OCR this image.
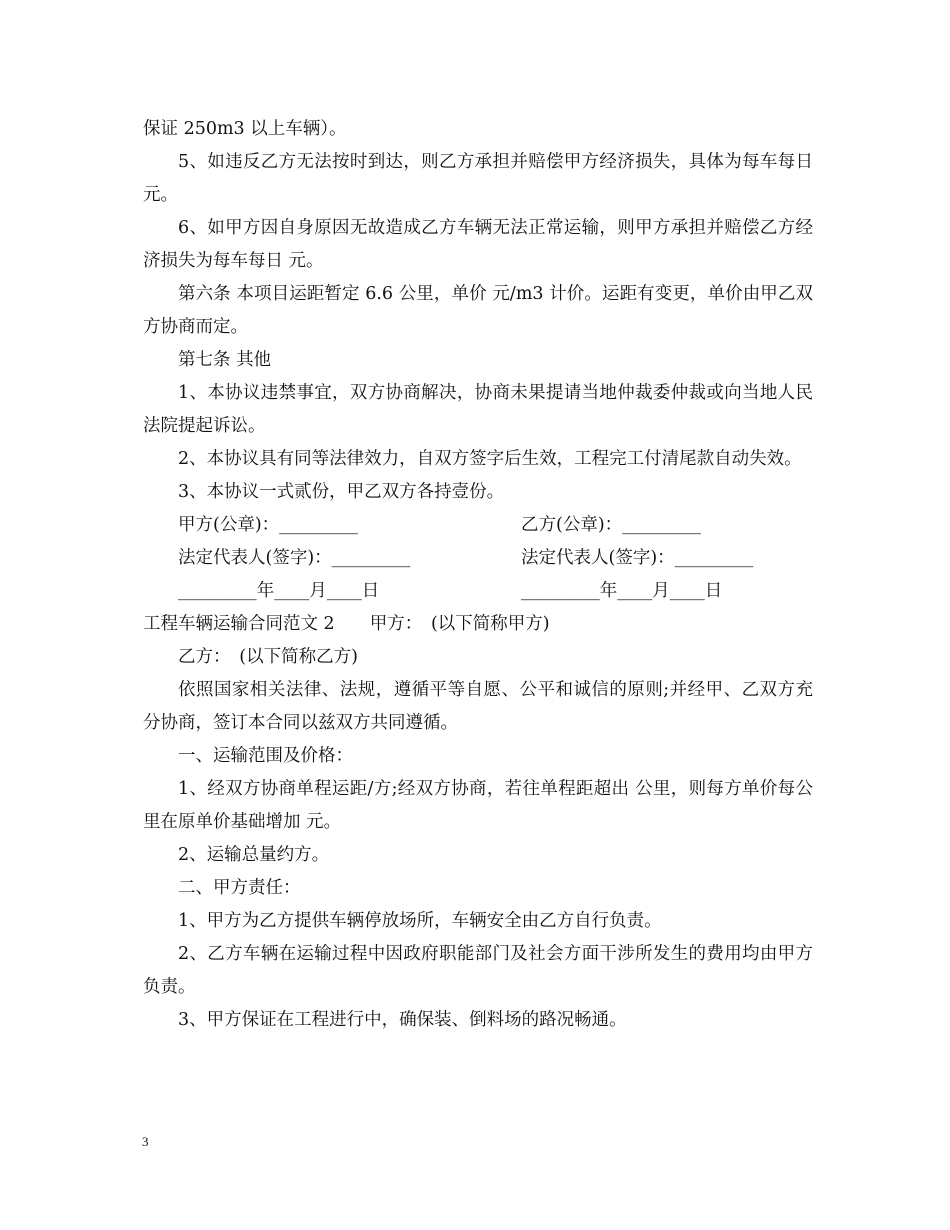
保证 250m3 以上车辆）。
5、如违反乙方无法按时到达，则乙方承担并赔偿甲方经济损失，具体为每车每日元。
6、如甲方因自身原因无故造成乙方车辆无法正常运输，则甲方承担并赔偿乙方经济损失为每车每日 元。
第六条 本项目运距暂定 6.6 公里，单价 元/m3 计价。运距有变更，单价由甲乙双方协商而定。
第七条 其他
1、本协议违禁事宜，双方协商解决，协商未果提请当地仲裁委仲裁或向当地人民法院提起诉讼。
2、本协议具有同等法律效力，自双方签字后生效，工程完工付清尾款自动失效。
3、本协议一式贰份，甲乙双方各持壹份。
甲方(公章)：_________	乙方(公章)：_________
法定代表人(签字)：_________	法定代表人(签字)：_________
_________年____月____日	_________年____月____日
工程车辆运输合同范文 2　　甲方：　(以下简称甲方)
乙方：　(以下简称乙方)
依照国家相关法律、法规，遵循平等自愿、公平和诚信的原则;并经甲、乙双方充分协商，签订本合同以兹双方共同遵循。
一、运输范围及价格：
1、经双方协商单程运距/方;经双方协商，若往单程距超出 公里，则每方单价每公里在原单价基础增加 元。
2、运输总量约方。
二、甲方责任：
1、甲方为乙方提供车辆停放场所，车辆安全由乙方自行负责。
2、乙方车辆在运输过程中因政府职能部门及社会方面干涉所发生的费用均由甲方负责。
3、甲方保证在工程进行中，确保装、倒料场的路况畅通。
3
